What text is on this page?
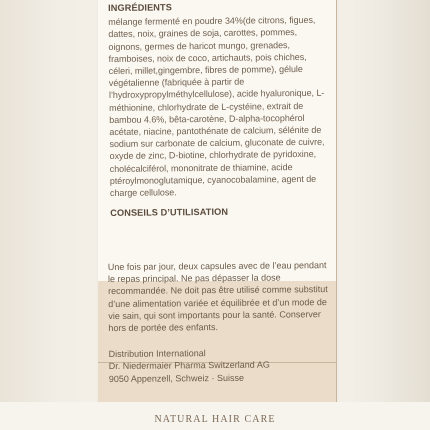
INGRÉDIENTS
mélange fermenté en poudre 34%(de citrons, figues, dattes, noix, graines de soja, carottes, pommes, oignons, germes de haricot mungo, grenades, framboises, noix de coco, artichauts, pois chiches, céleri, millet,gingembre, fibres de pomme), gélule végétalienne (fabriquée à partir de l’hydroxypropylméthylcellulose), acide hyaluronique, L-méthionine, chlorhydrate de L-cystéine, extrait de bambou 4.6%, bêta-carotène, D-alpha-tocophérol acétate, niacine, pantothénate de calcium, sélénite de sodium sur carbonate de calcium, gluconate de cuivre, oxyde de zinc, D-biotine, chlorhydrate de pyridoxine, cholécalciférol, mononitrate de thiamine, acide ptéroylmonoglutamique, cyanocobalamine, agent de charge cellulose.
CONSEILS D’UTILISATION
Une fois par jour, deux capsules avec de l’eau pendant le repas principal. Ne pas dépasser la dose recommandée. Ne doit pas être utilisé comme substitut d’une alimentation variée et équilibrée et d’un mode de vie sain, qui sont importants pour la santé. Conserver hors de portée des enfants.
Distribution International
Dr. Niedermaier Pharma Switzerland AG
9050 Appenzell, Schweiz · Suisse
NATURAL HAIR CARE
